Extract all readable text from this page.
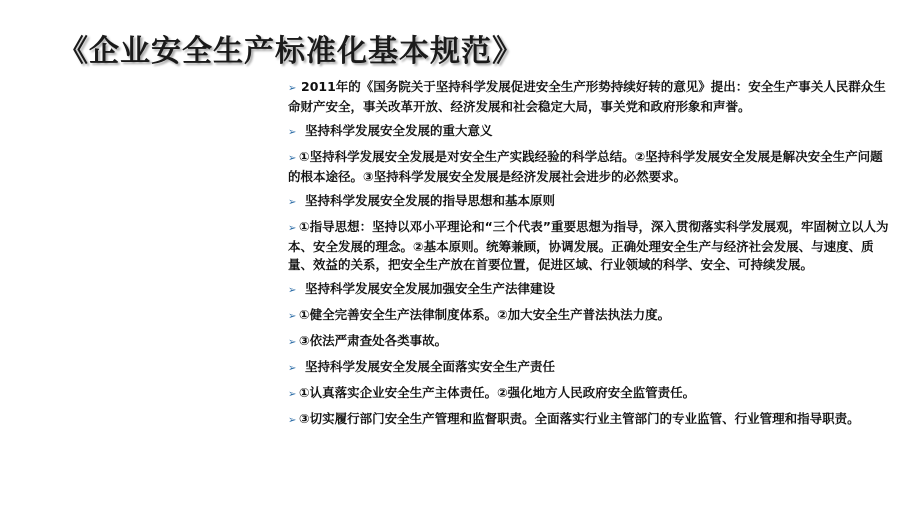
《企业安全生产标准化基本规范》
➢ 2011年的《国务院关于坚持科学发展促进安全生产形势持续好转的意见》提出：安全生产事关人民群众生命财产安全，事关改革开放、经济发展和社会稳定大局，事关党和政府形象和声誉。
➢ 坚持科学发展安全发展的重大意义
➢ ①坚持科学发展安全发展是对安全生产实践经验的科学总结。②坚持科学发展安全发展是解决安全生产问题的根本途径。③坚持科学发展安全发展是经济发展社会进步的必然要求。
➢ 坚持科学发展安全发展的指导思想和基本原则
➢ ①指导思想：坚持以邓小平理论和“三个代表”重要思想为指导，深入贯彻落实科学发展观，牢固树立以人为本、安全发展的理念。②基本原则。统筹兼顾，协调发展。正确处理安全生产与经济社会发展、与速度、质量、效益的关系，把安全生产放在首要位置，促进区域、行业领域的科学、安全、可持续发展。
➢ 坚持科学发展安全发展加强安全生产法律建设
➢ ①健全完善安全生产法律制度体系。②加大安全生产普法执法力度。
➢ ③依法严肃查处各类事故。
➢ 坚持科学发展安全发展全面落实安全生产责任
➢ ①认真落实企业安全生产主体责任。②强化地方人民政府安全监管责任。
➢ ③切实履行部门安全生产管理和监督职责。全面落实行业主管部门的专业监管、行业管理和指导职责。
